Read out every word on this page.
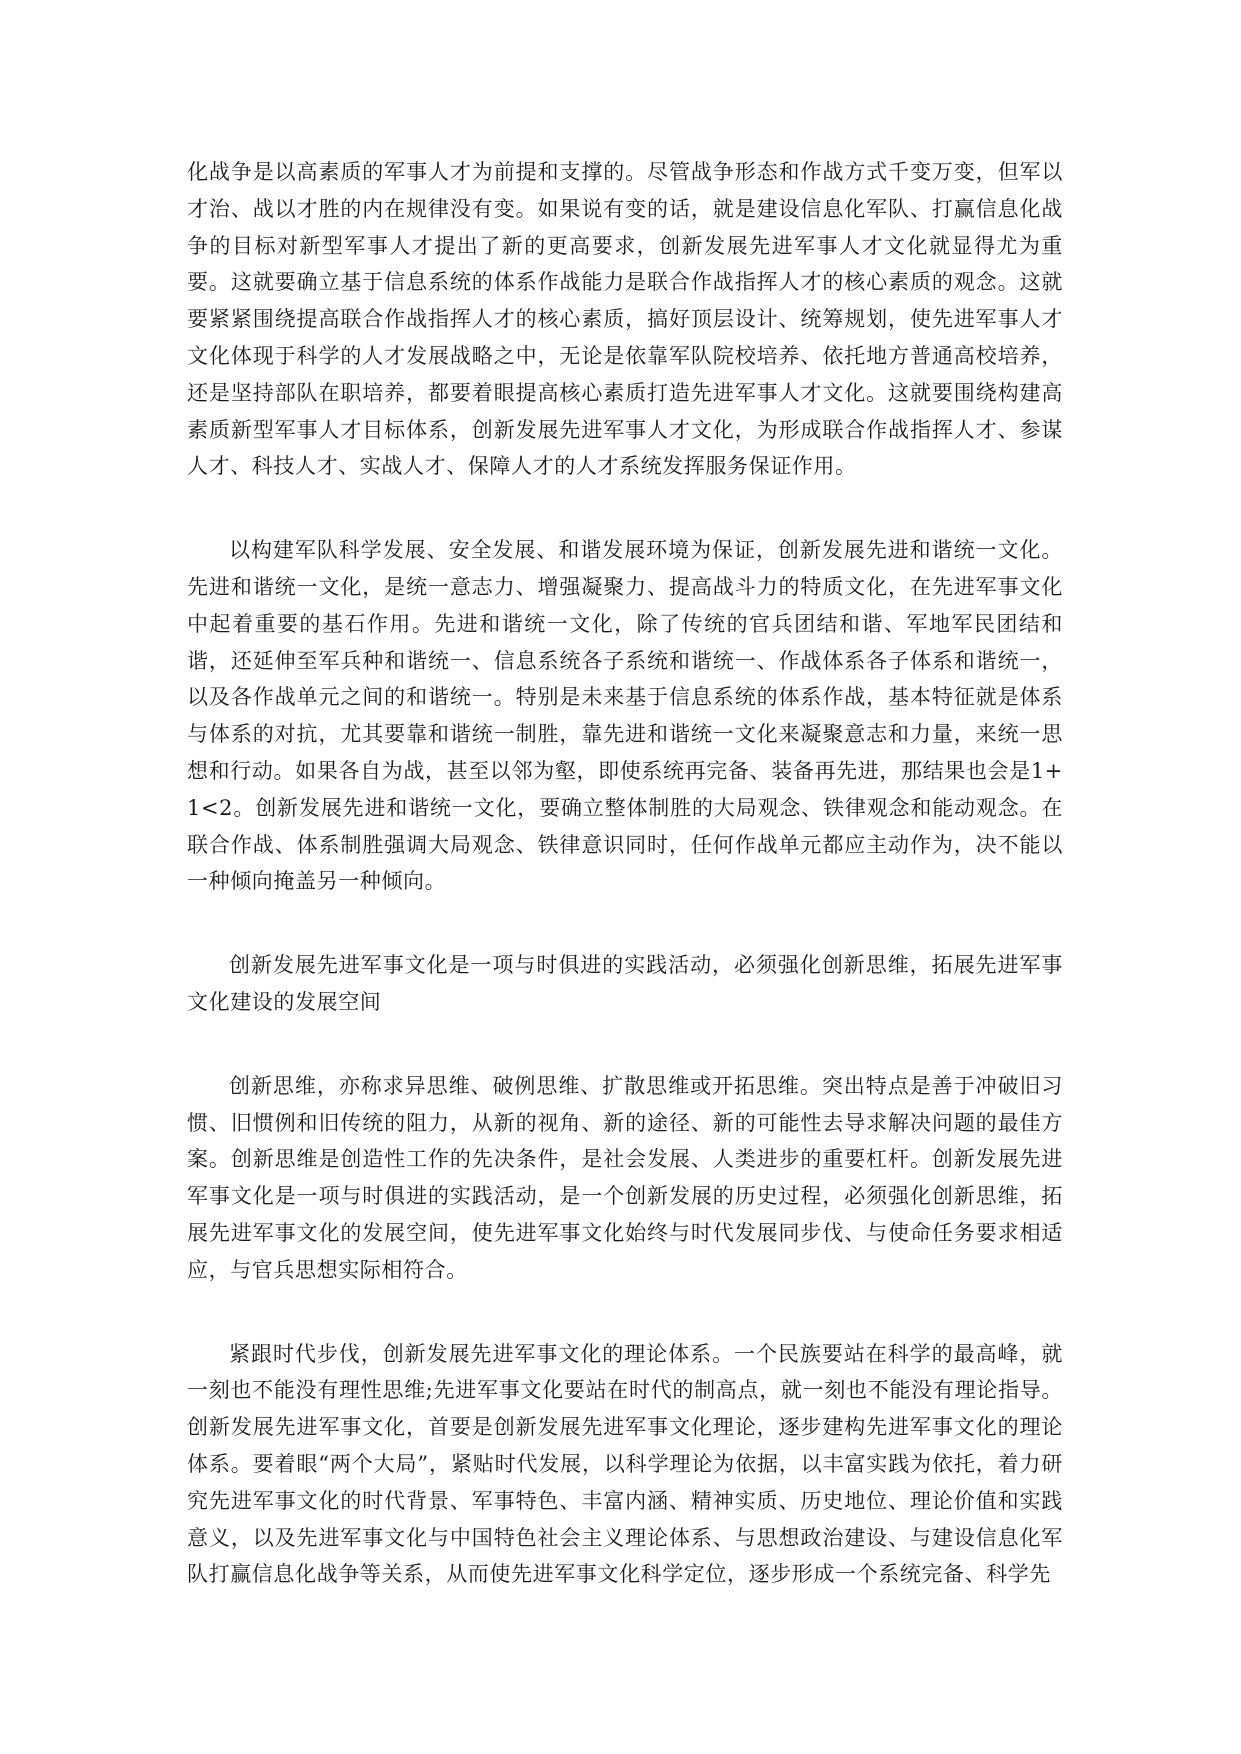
化战争是以高素质的军事人才为前提和支撑的。尽管战争形态和作战方式千变万变，但军以才治、战以才胜的内在规律没有变。如果说有变的话，就是建设信息化军队、打赢信息化战争的目标对新型军事人才提出了新的更高要求，创新发展先进军事人才文化就显得尤为重要。这就要确立基于信息系统的体系作战能力是联合作战指挥人才的核心素质的观念。这就要紧紧围绕提高联合作战指挥人才的核心素质，搞好顶层设计、统筹规划，使先进军事人才文化体现于科学的人才发展战略之中，无论是依靠军队院校培养、依托地方普通高校培养，还是坚持部队在职培养，都要着眼提高核心素质打造先进军事人才文化。这就要围绕构建高素质新型军事人才目标体系，创新发展先进军事人才文化，为形成联合作战指挥人才、参谋人才、科技人才、实战人才、保障人才的人才系统发挥服务保证作用。

以构建军队科学发展、安全发展、和谐发展环境为保证，创新发展先进和谐统一文化。先进和谐统一文化，是统一意志力、增强凝聚力、提高战斗力的特质文化，在先进军事文化中起着重要的基石作用。先进和谐统一文化，除了传统的官兵团结和谐、军地军民团结和谐，还延伸至军兵种和谐统一、信息系统各子系统和谐统一、作战体系各子体系和谐统一，以及各作战单元之间的和谐统一。特别是未来基于信息系统的体系作战，基本特征就是体系与体系的对抗，尤其要靠和谐统一制胜，靠先进和谐统一文化来凝聚意志和力量，来统一思想和行动。如果各自为战，甚至以邻为壑，即使系统再完备、装备再先进，那结果也会是1+1<2。创新发展先进和谐统一文化，要确立整体制胜的大局观念、铁律观念和能动观念。在联合作战、体系制胜强调大局观念、铁律意识同时，任何作战单元都应主动作为，决不能以一种倾向掩盖另一种倾向。

创新发展先进军事文化是一项与时俱进的实践活动，必须强化创新思维，拓展先进军事文化建设的发展空间

创新思维，亦称求异思维、破例思维、扩散思维或开拓思维。突出特点是善于冲破旧习惯、旧惯例和旧传统的阻力，从新的视角、新的途径、新的可能性去导求解决问题的最佳方案。创新思维是创造性工作的先决条件，是社会发展、人类进步的重要杠杆。创新发展先进军事文化是一项与时俱进的实践活动，是一个创新发展的历史过程，必须强化创新思维，拓展先进军事文化的发展空间，使先进军事文化始终与时代发展同步伐、与使命任务要求相适应，与官兵思想实际相符合。

紧跟时代步伐，创新发展先进军事文化的理论体系。一个民族要站在科学的最高峰，就一刻也不能没有理性思维;先进军事文化要站在时代的制高点，就一刻也不能没有理论指导。创新发展先进军事文化，首要是创新发展先进军事文化理论，逐步建构先进军事文化的理论体系。要着眼“两个大局”，紧贴时代发展，以科学理论为依据，以丰富实践为依托，着力研究先进军事文化的时代背景、军事特色、丰富内涵、精神实质、历史地位、理论价值和实践意义，以及先进军事文化与中国特色社会主义理论体系、与思想政治建设、与建设信息化军队打赢信息化战争等关系，从而使先进军事文化科学定位，逐步形成一个系统完备、科学先
